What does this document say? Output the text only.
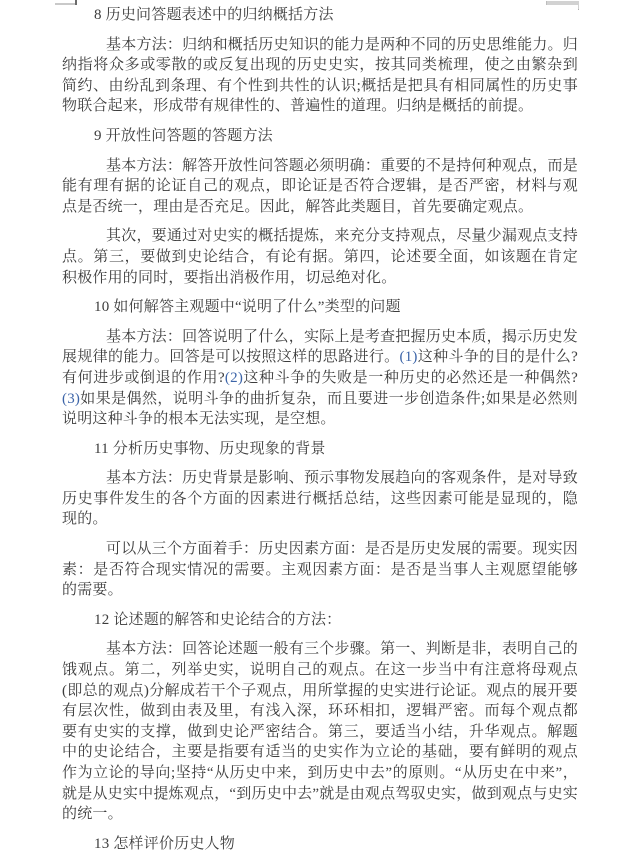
8 历史问答题表述中的归纳概括方法
基本方法：归纳和概括历史知识的能力是两种不同的历史思维能力。归纳指将众多或零散的或反复出现的历史史实，按其同类梳理，使之由繁杂到简约、由纷乱到条理、有个性到共性的认识;概括是把具有相同属性的历史事物联合起来，形成带有规律性的、普遍性的道理。归纳是概括的前提。
9 开放性问答题的答题方法
基本方法：解答开放性问答题必须明确：重要的不是持何种观点，而是能有理有据的论证自己的观点，即论证是否符合逻辑，是否严密，材料与观点是否统一，理由是否充足。因此，解答此类题目，首先要确定观点。
其次，要通过对史实的概括提炼，来充分支持观点，尽量少漏观点支持点。第三，要做到史论结合，有论有据。第四，论述要全面，如该题在肯定积极作用的同时，要指出消极作用，切忌绝对化。
10 如何解答主观题中“说明了什么”类型的问题
基本方法：回答说明了什么，实际上是考查把握历史本质，揭示历史发展规律的能力。回答是可以按照这样的思路进行。(1)这种斗争的目的是什么?有何进步或倒退的作用?(2)这种斗争的失败是一种历史的必然还是一种偶然?(3)如果是偶然，说明斗争的曲折复杂，而且要进一步创造条件;如果是必然则说明这种斗争的根本无法实现，是空想。
11 分析历史事物、历史现象的背景
基本方法：历史背景是影响、预示事物发展趋向的客观条件，是对导致历史事件发生的各个方面的因素进行概括总结，这些因素可能是显现的，隐现的。
可以从三个方面着手：历史因素方面：是否是历史发展的需要。现实因素：是否符合现实情况的需要。主观因素方面：是否是当事人主观愿望能够的需要。
12 论述题的解答和史论结合的方法：
基本方法：回答论述题一般有三个步骤。第一、判断是非，表明自己的饿观点。第二，列举史实，说明自己的观点。在这一步当中有注意将母观点(即总的观点)分解成若干个子观点，用所掌握的史实进行论证。观点的展开要有层次性，做到由表及里，有浅入深，环环相扣，逻辑严密。而每个观点都要有史实的支撑，做到史论严密结合。第三，要适当小结，升华观点。解题中的史论结合，主要是指要有适当的史实作为立论的基础，要有鲜明的观点作为立论的导向;坚持“从历史中来，到历史中去”的原则。“从历史在中来”，就是从史实中提炼观点，“到历史中去”就是由观点驾驭史实，做到观点与史实的统一。
13 怎样评价历史人物
